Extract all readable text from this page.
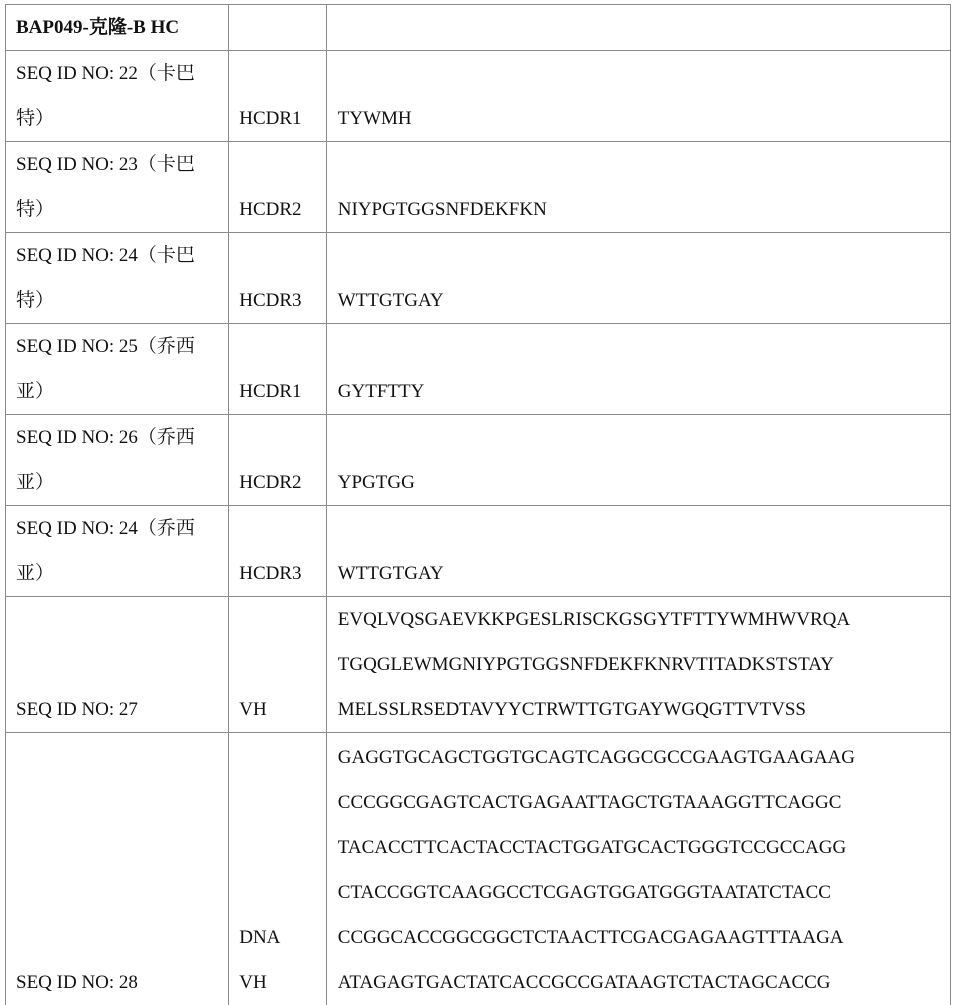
BAP049-克隆-B HC		

SEQ ID NO: 22（卡巴
特）	HCDR1	TYWMH

SEQ ID NO: 23（卡巴
特）	HCDR2	NIYPGTGGSNFDEKFKN

SEQ ID NO: 24（卡巴
特）	HCDR3	WTTGTGAY

SEQ ID NO: 25（乔西
亚）	HCDR1	GYTFTTY

SEQ ID NO: 26（乔西
亚）	HCDR2	YPGTGG

SEQ ID NO: 24（乔西
亚）	HCDR3	WTTGTGAY
SEQ ID NO: 27	VH	
EVQLVQSGAEVKKPGESLRISCKGSGYTFTTYWMHWVRQA
TGQGLEWMGNIYPGTGGSNFDEKFKNRVTITADKSTSTAY
MELSSLRSEDTAVYYCTRWTTGTGAYWGQGTTVTVSS

SEQ ID NO: 28	
DNA
VH

GAGGTGCAGCTGGTGCAGTCAGGCGCCGAAGTGAAGAAG
CCCGGCGAGTCACTGAGAATTAGCTGTAAAGGTTCAGGC
TACACCTTCACTACCTACTGGATGCACTGGGTCCGCCAGG
CTACCGGTCAAGGCCTCGAGTGGATGGGTAATATCTACC
CCGGCACCGGCGGCTCTAACTTCGACGAGAAGTTTAAGA
ATAGAGTGACTATCACCGCCGATAAGTCTACTAGCACCG
